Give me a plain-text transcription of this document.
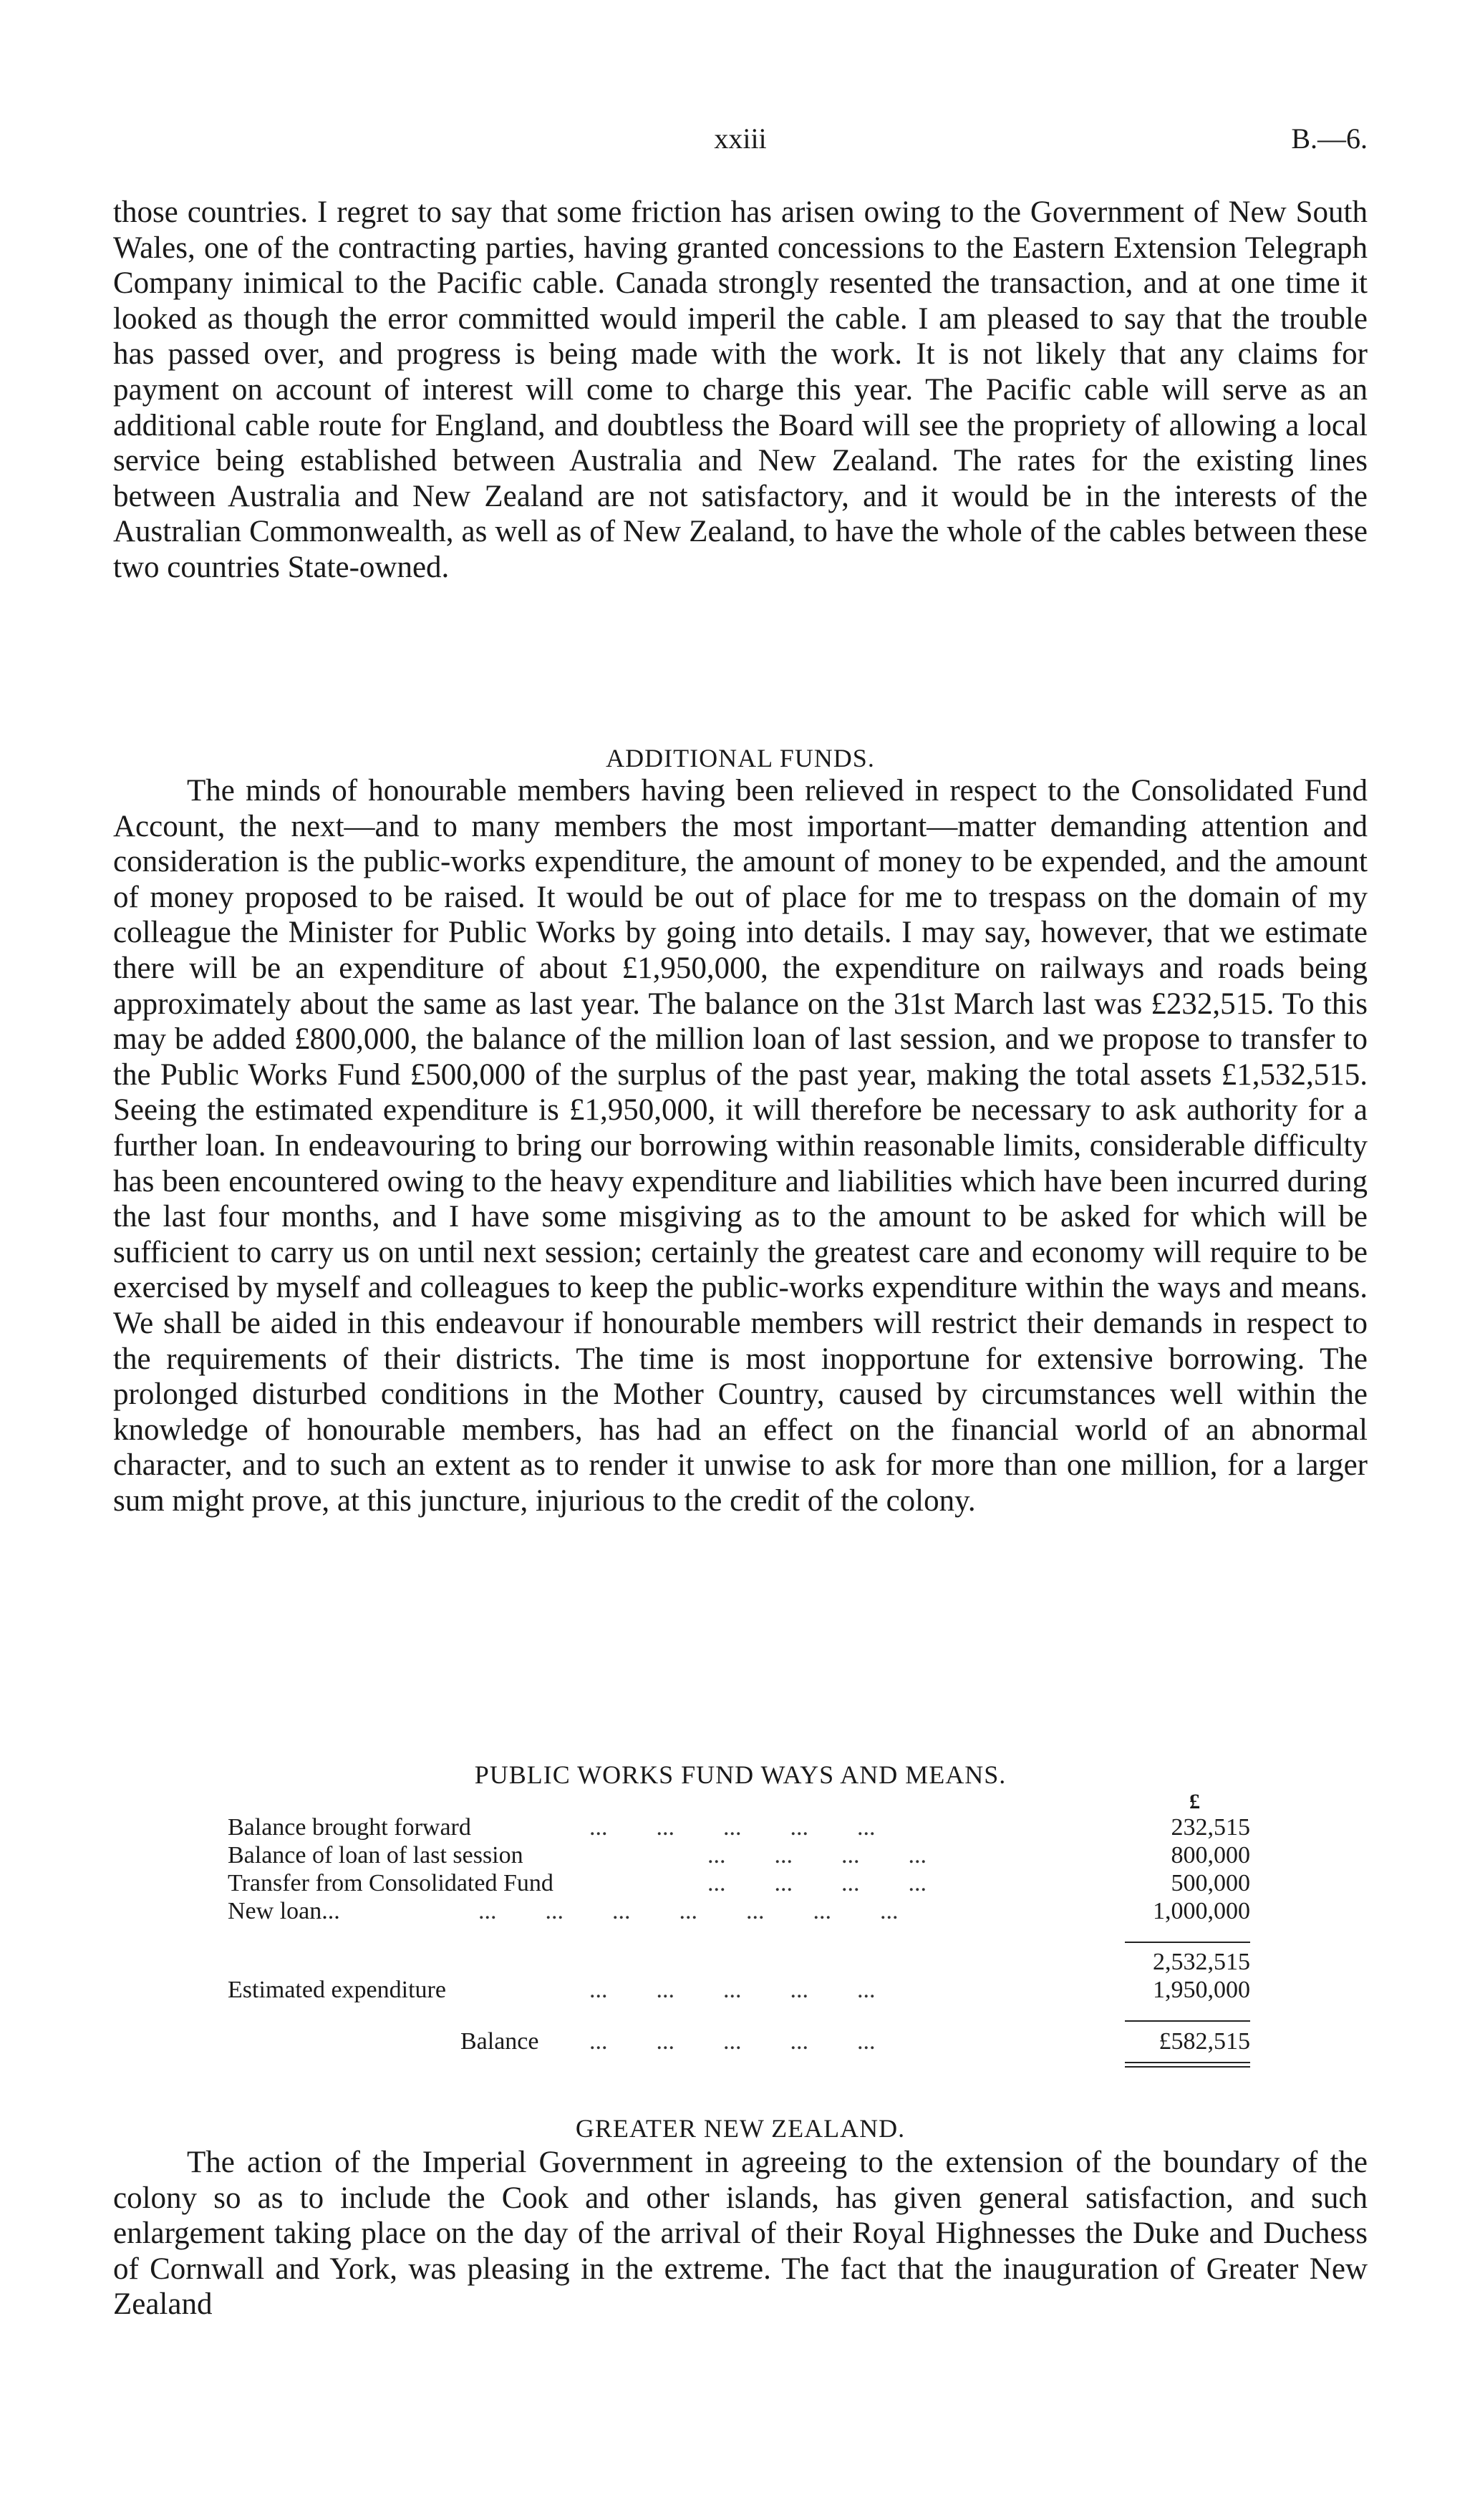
xxiii	B.—6.

those countries. I regret to say that some friction has arisen owing to the Government of New South Wales, one of the contracting parties, having granted concessions to the Eastern Extension Telegraph Company inimical to the Pacific cable. Canada strongly resented the transaction, and at one time it looked as though the error committed would imperil the cable. I am pleased to say that the trouble has passed over, and progress is being made with the work. It is not likely that any claims for payment on account of interest will come to charge this year. The Pacific cable will serve as an additional cable route for England, and doubtless the Board will see the propriety of allowing a local service being established between Australia and New Zealand. The rates for the existing lines between Australia and New Zealand are not satisfactory, and it would be in the interests of the Australian Commonwealth, as well as of New Zealand, to have the whole of the cables between these two countries State-owned.

ADDITIONAL FUNDS.

The minds of honourable members having been relieved in respect to the Consolidated Fund Account, the next—and to many members the most important—matter demanding attention and consideration is the public-works expenditure, the amount of money to be expended, and the amount of money proposed to be raised. It would be out of place for me to trespass on the domain of my colleague the Minister for Public Works by going into details. I may say, however, that we estimate there will be an expenditure of about £1,950,000, the expenditure on railways and roads being approximately about the same as last year. The balance on the 31st March last was £232,515. To this may be added £800,000, the balance of the million loan of last session, and we propose to transfer to the Public Works Fund £500,000 of the surplus of the past year, making the total assets £1,532,515. Seeing the estimated expenditure is £1,950,000, it will therefore be necessary to ask authority for a further loan. In endeavouring to bring our borrowing within reasonable limits, considerable difficulty has been encountered owing to the heavy expenditure and liabilities which have been incurred during the last four months, and I have some misgiving as to the amount to be asked for which will be sufficient to carry us on until next session; certainly the greatest care and economy will require to be exercised by myself and colleagues to keep the public-works expenditure within the ways and means. We shall be aided in this endeavour if honourable members will restrict their demands in respect to the requirements of their districts. The time is most inopportune for extensive borrowing. The prolonged disturbed conditions in the Mother Country, caused by circumstances well within the knowledge of honourable members, has had an effect on the financial world of an abnormal character, and to such an extent as to render it unwise to ask for more than one million, for a larger sum might prove, at this juncture, injurious to the credit of the colony.

PUBLIC WORKS FUND WAYS AND MEANS.
£
Balance brought forward	...        ...        ...        ...        ...	232,515
Balance of loan of last session	...        ...        ...        ...	800,000
Transfer from Consolidated Fund	...        ...        ...        ...	500,000
New loan...	...        ...        ...        ...        ...        ...        ...	1,000,000
2,532,515
Estimated expenditure	...        ...        ...        ...        ...	1,950,000
Balance ...        ...        ...        ...        ...	£582,515
GREATER NEW ZEALAND.

The action of the Imperial Government in agreeing to the extension of the boundary of the colony so as to include the Cook and other islands, has given general satisfaction, and such enlargement taking place on the day of the arrival of their Royal Highnesses the Duke and Duchess of Cornwall and York, was pleasing in the extreme. The fact that the inauguration of Greater New Zealand
